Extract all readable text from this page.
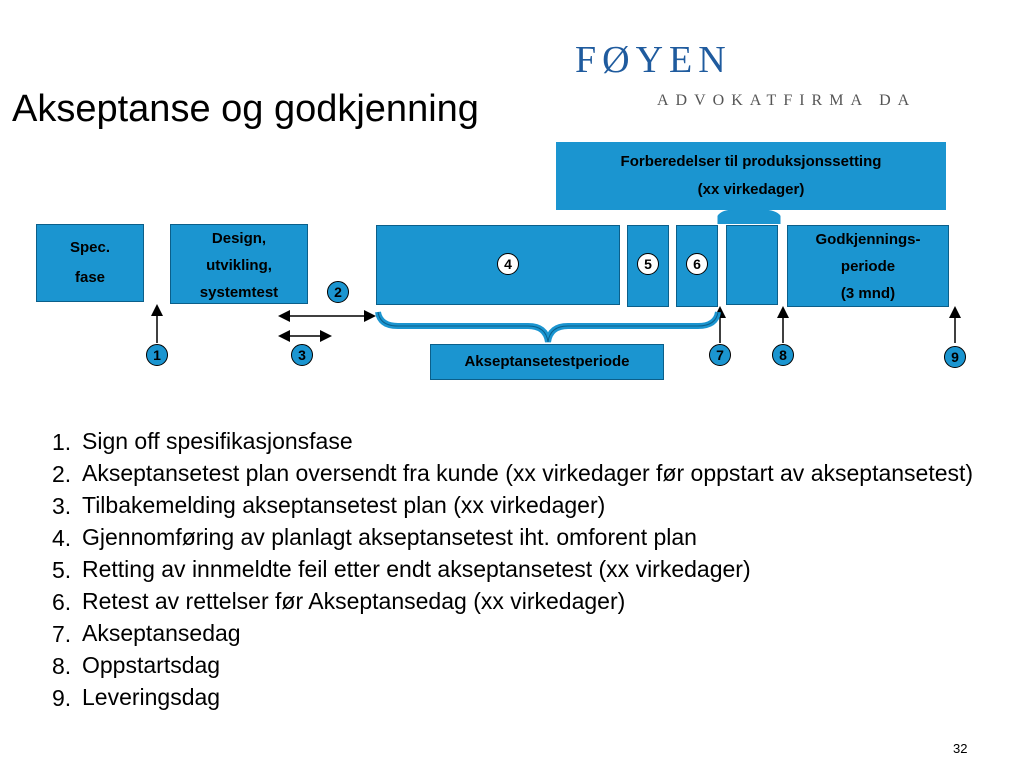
FØYEN
ADVOKATFIRMA DA
Akseptanse og godkjenning
Forberedelser til produksjonssetting
(xx virkedager)
Spec.
fase
Design,
utvikling,
systemtest
Godkjennings-
periode
(3 mnd)
Akseptansetestperiode
1
2
3
4	5	6
7	8	9
1. Sign off spesifikasjonsfase
2. Akseptansetest plan oversendt fra kunde (xx virkedager før oppstart av akseptansetest)
3. Tilbakemelding akseptansetest plan (xx virkedager)
4. Gjennomføring av planlagt akseptansetest iht. omforent plan
5. Retting av innmeldte feil etter endt akseptansetest (xx virkedager)
6. Retest av rettelser før Akseptansedag (xx virkedager)
7. Akseptansedag
8. Oppstartsdag
9. Leveringsdag
32
